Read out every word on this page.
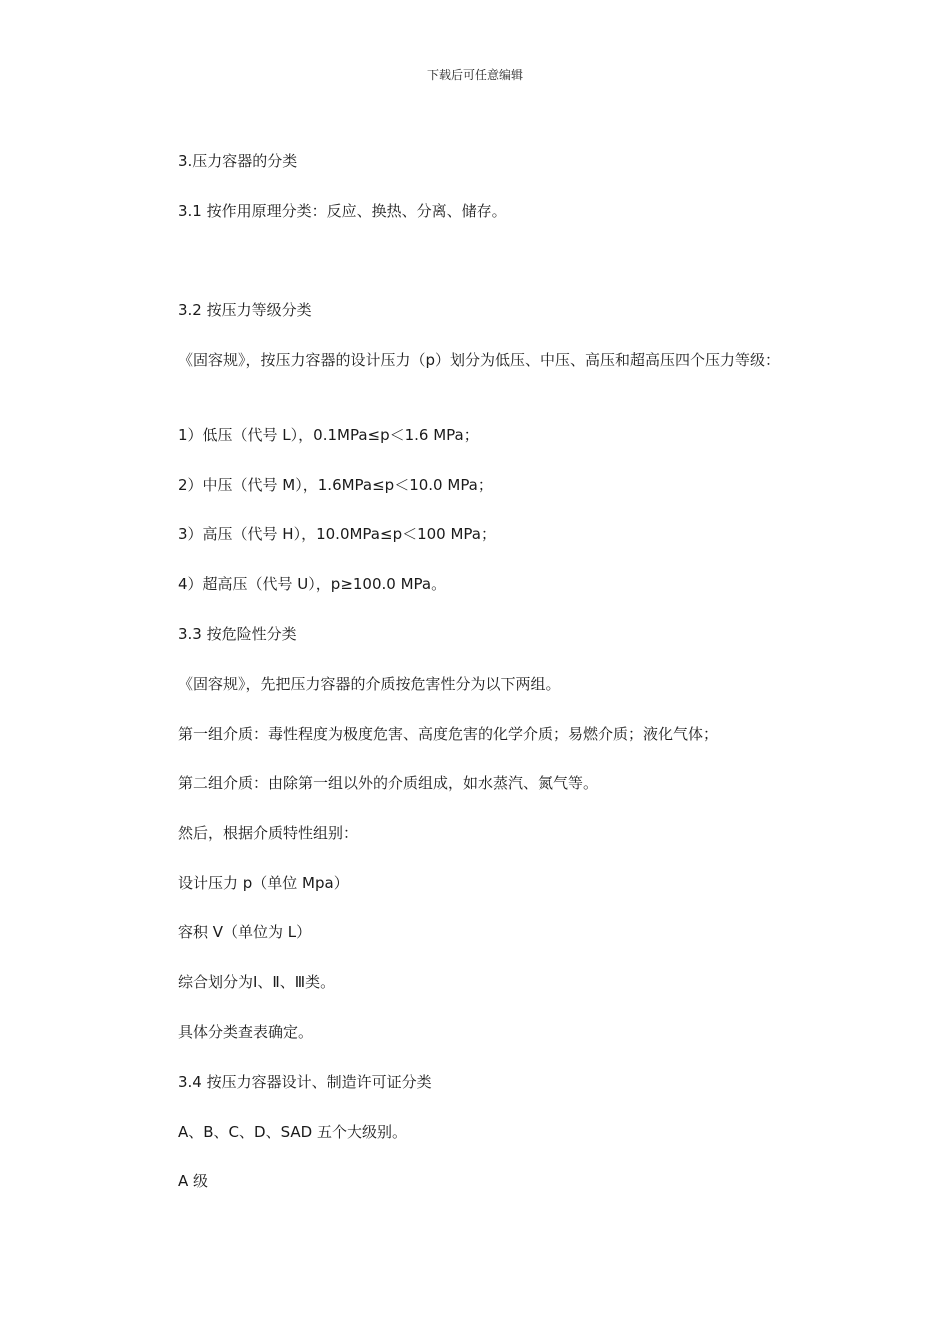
下载后可任意编辑
3.压力容器的分类
3.1 按作用原理分类：反应、换热、分离、储存。
3.2 按压力等级分类
《固容规》，按压力容器的设计压力（p）划分为低压、中压、高压和超高压四个压力等级：
1）低压（代号 L），0.1MPa≤p＜1.6 MPa；
2）中压（代号 M），1.6MPa≤p＜10.0 MPa；
3）高压（代号 H），10.0MPa≤p＜100 MPa；
4）超高压（代号 U），p≥100.0 MPa。
3.3 按危险性分类
《固容规》，先把压力容器的介质按危害性分为以下两组。
第一组介质：毒性程度为极度危害、高度危害的化学介质；易燃介质；液化气体；
第二组介质：由除第一组以外的介质组成，如水蒸汽、氮气等。
然后，根据介质特性组别：
设计压力 p（单位 Mpa）
容积 V（单位为 L）
综合划分为Ⅰ、Ⅱ、Ⅲ类。
具体分类查表确定。
3.4 按压力容器设计、制造许可证分类
A、B、C、D、SAD 五个大级别。
A 级
